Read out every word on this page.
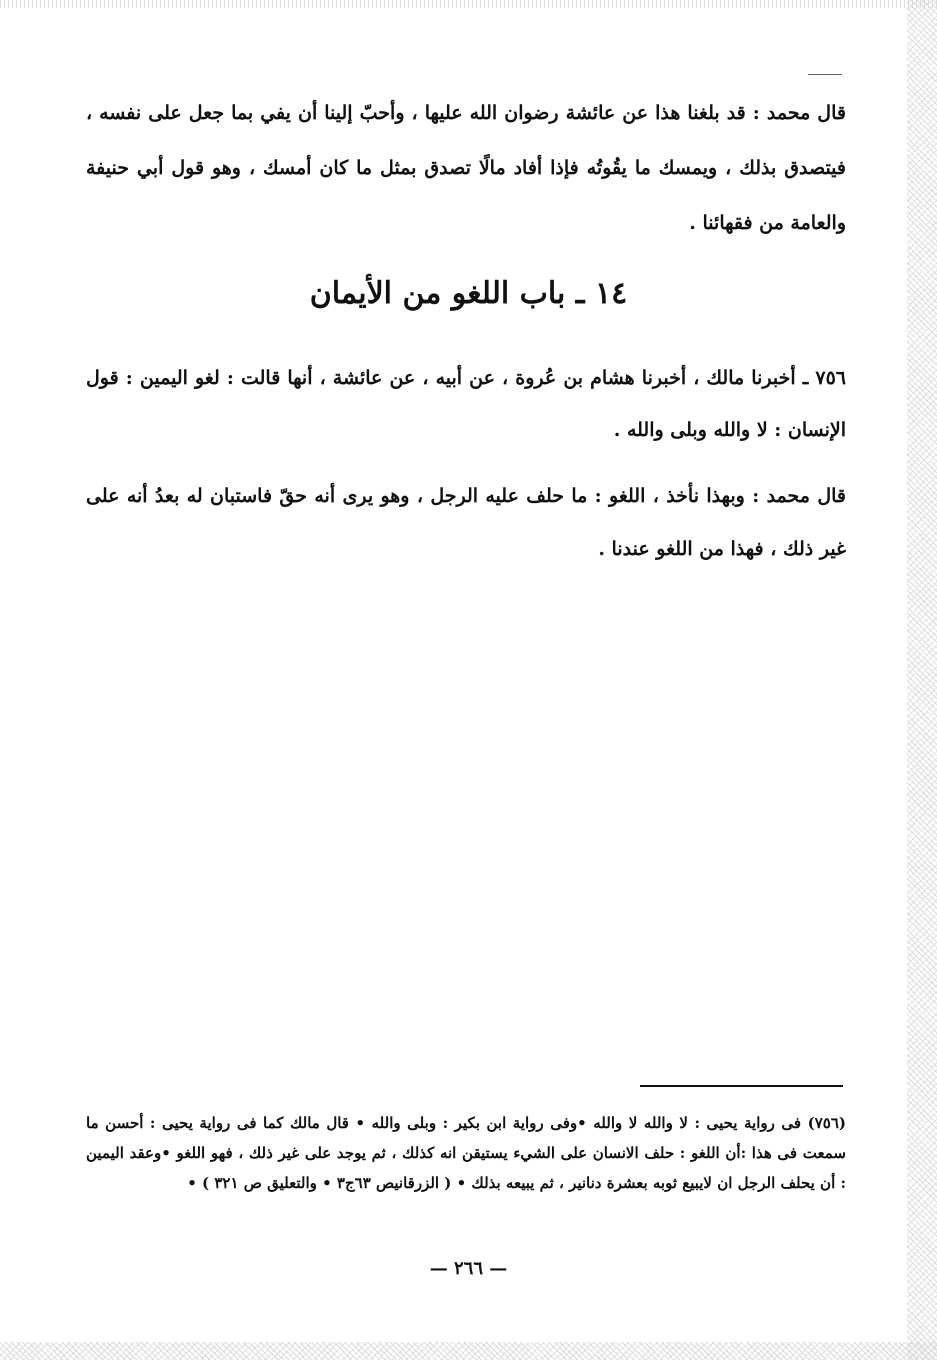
قال محمد : قد بلغنا هذا عن عائشة رضوان الله عليها ، وأحبّ إلينا أن يفي بما جعل على نفسه ، فيتصدق بذلك ، ويمسك ما يقُوتُه فإذا أفاد مالًا تصدق بمثل ما كان أمسك ، وهو قول أبي حنيفة والعامة من فقهائنا .

١٤ ـ باب اللغو من الأيمان

٧٥٦ ـ أخبرنا مالك ، أخبرنا هشام بن عُروة ، عن أبيه ، عن عائشة ، أنها قالت : لغو اليمين : قول الإنسان : لا والله وبلى والله .

قال محمد : وبهذا نأخذ ، اللغو : ما حلف عليه الرجل ، وهو يرى أنه حقّ فاستبان له بعدُ أنه على غير ذلك ، فهذا من اللغو عندنا .

(٧٥٦) فى رواية يحيى : لا والله لا والله •وفى رواية ابن بكير : وبلى والله • قال مالك كما فى رواية يحيى : أحسن ما سمعت فى هذا :أن اللغو : حلف الانسان على الشيء يستيقن انه كذلك ، ثم يوجد على غير ذلك ، فهو اللغو •وعقد اليمين : أن يحلف الرجل ان لايبيع ثوبه بعشرة دنانير ، ثم يبيعه بذلك • ( الزرقانيص ٦٣ج٣ • والتعليق ص ٣٢١ ) •

— ٢٦٦ —
